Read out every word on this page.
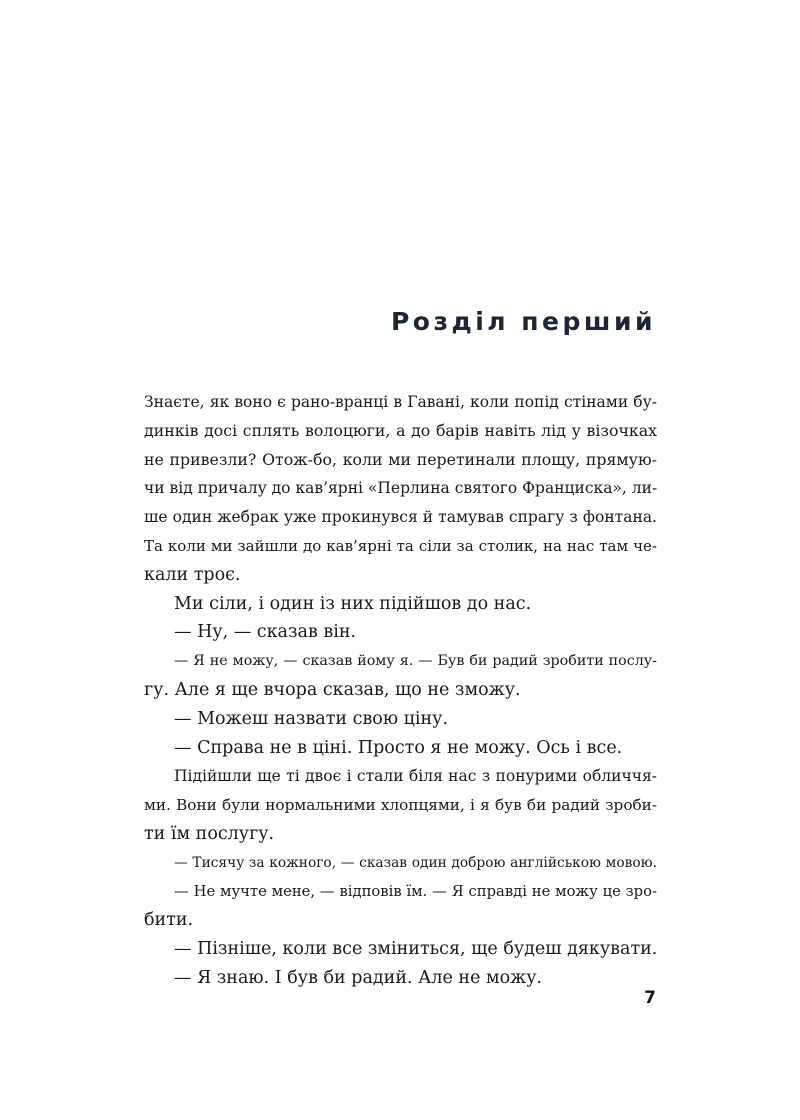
Розділ перший
Знаєте, як воно є рано-вранці в Гавані, коли попід стінами бу-
динків досі сплять волоцюги, а до барів навіть лід у візочках
не привезли? Отож-бо, коли ми перетинали площу, прямую-
чи від причалу до кав’ярні «Перлина святого Франциска», ли-
ше один жебрак уже прокинувся й тамував спрагу з фонтана.
Та коли ми зайшли до кав’ярні та сіли за столик, на нас там че-
кали троє.
Ми сіли, і один із них підійшов до нас.
— Ну, — сказав він.
— Я не можу, — сказав йому я. — Був би радий зробити послу-
гу. Але я ще вчора сказав, що не зможу.
— Можеш назвати свою ціну.
— Справа не в ціні. Просто я не можу. Ось і все.
Підійшли ще ті двоє і стали біля нас з понурими обличчя-
ми. Вони були нормальними хлопцями, і я був би радий зроби-
ти їм послугу.
— Тисячу за кожного, — сказав один доброю англійською мовою.
— Не мучте мене, — відповів їм. — Я справді не можу це зро-
бити.
— Пізніше, коли все зміниться, ще будеш дякувати.
— Я знаю. І був би радий. Але не можу.
7
